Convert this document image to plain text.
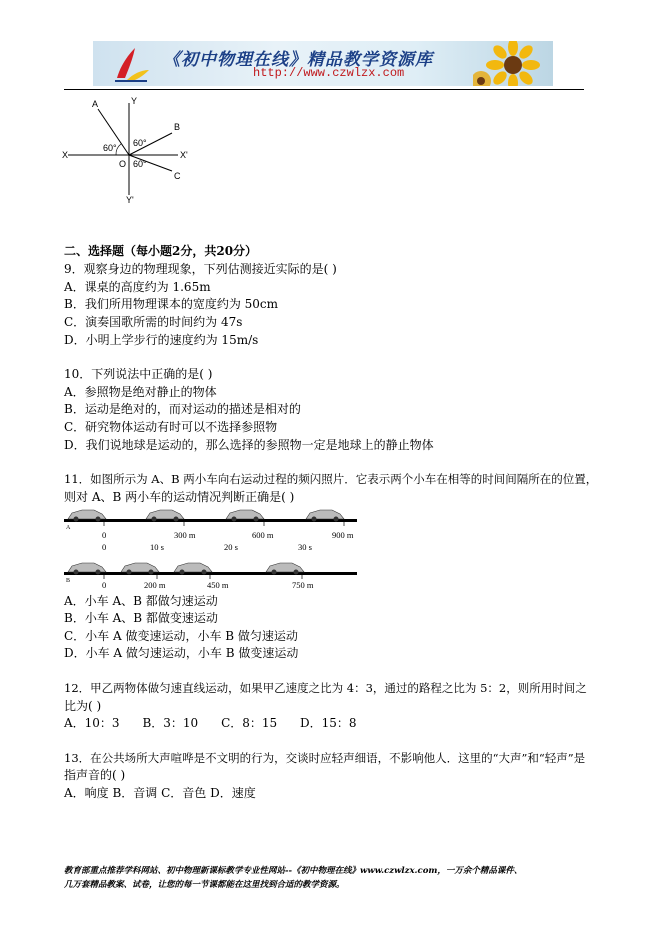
《初中物理在线》精品教学资源库
http://www.czwlzx.com
A
B
C
O
X	X'
Y
Y'
60° 60°
60°
二、选择题（每小题2分，共20分）
9．观察身边的物理现象，下列估测接近实际的是( )
A．课桌的高度约为 1.65m
B．我们所用物理课本的宽度约为 50cm
C．演奏国歌所需的时间约为 47s
D．小明上学步行的速度约为 15m/s
10．下列说法中正确的是( )
A．参照物是绝对静止的物体
B．运动是绝对的，而对运动的描述是相对的
C．研究物体运动有时可以不选择参照物
D．我们说地球是运动的，那么选择的参照物一定是地球上的静止物体
11．如图所示为 A、B 两小车向右运动过程的频闪照片．它表示两个小车在相等的时间间隔所在的位置，
则对 A、B 两小车的运动情况判断正确是( )
A
0	300 m	600 m	900 m
0	10 s	20 s	30 s
B	0	200 m	450 m	750 m
A．小车 A、B 都做匀速运动
B．小车 A、B 都做变速运动
C．小车 A 做变速运动，小车 B 做匀速运动
D．小车 A 做匀速运动，小车 B 做变速运动
12．甲乙两物体做匀速直线运动，如果甲乙速度之比为 4：3，通过的路程之比为 5：2，则所用时间之
比为( )
A．10：3      B．3：10      C．8：15      D．15：8
13．在公共场所大声喧哗是不文明的行为，交谈时应轻声细语，不影响他人．这里的“大声”和“轻声”是
指声音的( )
A．响度 B．音调 C．音色 D．速度
教育部重点推荐学科网站、初中物理新课标教学专业性网站--《初中物理在线》www.czwlzx.com，一万余个精品课件、
几万套精品教案、试卷，让您的每一节课都能在这里找到合适的教学资源。
